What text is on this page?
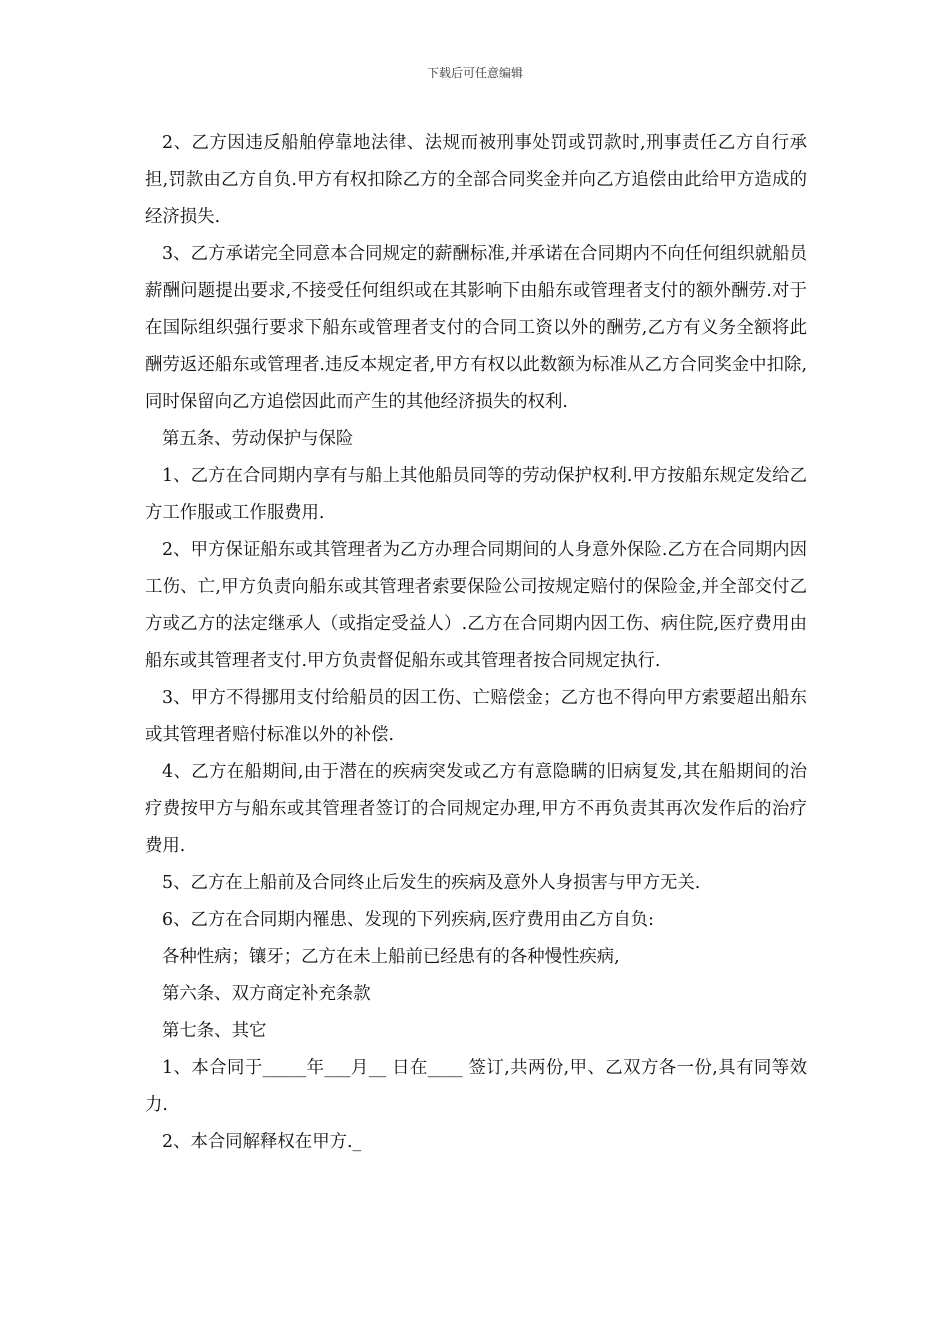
下载后可任意编辑

2、乙方因违反船舶停靠地法律、法规而被刑事处罚或罚款时,刑事责任乙方自行承担,罚款由乙方自负.甲方有权扣除乙方的全部合同奖金并向乙方追偿由此给甲方造成的经济损失.

3、乙方承诺完全同意本合同规定的薪酬标准,并承诺在合同期内不向任何组织就船员薪酬问题提出要求,不接受任何组织或在其影响下由船东或管理者支付的额外酬劳.对于在国际组织强行要求下船东或管理者支付的合同工资以外的酬劳,乙方有义务全额将此酬劳返还船东或管理者.违反本规定者,甲方有权以此数额为标准从乙方合同奖金中扣除,同时保留向乙方追偿因此而产生的其他经济损失的权利.

第五条、劳动保护与保险

1、乙方在合同期内享有与船上其他船员同等的劳动保护权利.甲方按船东规定发给乙方工作服或工作服费用.

2、甲方保证船东或其管理者为乙方办理合同期间的人身意外保险.乙方在合同期内因工伤、亡,甲方负责向船东或其管理者索要保险公司按规定赔付的保险金,并全部交付乙方或乙方的法定继承人（或指定受益人）.乙方在合同期内因工伤、病住院,医疗费用由船东或其管理者支付.甲方负责督促船东或其管理者按合同规定执行.

3、甲方不得挪用支付给船员的因工伤、亡赔偿金；乙方也不得向甲方索要超出船东或其管理者赔付标准以外的补偿.

4、乙方在船期间,由于潜在的疾病突发或乙方有意隐瞒的旧病复发,其在船期间的治疗费按甲方与船东或其管理者签订的合同规定办理,甲方不再负责其再次发作后的治疗费用.

5、乙方在上船前及合同终止后发生的疾病及意外人身损害与甲方无关.

6、乙方在合同期内罹患、发现的下列疾病,医疗费用由乙方自负:

各种性病；镶牙；乙方在未上船前已经患有的各种慢性疾病,

第六条、双方商定补充条款

第七条、其它

1、本合同于_____年___月__ 日在____ 签订,共两份,甲、乙双方各一份,具有同等效力.

2、本合同解释权在甲方._
